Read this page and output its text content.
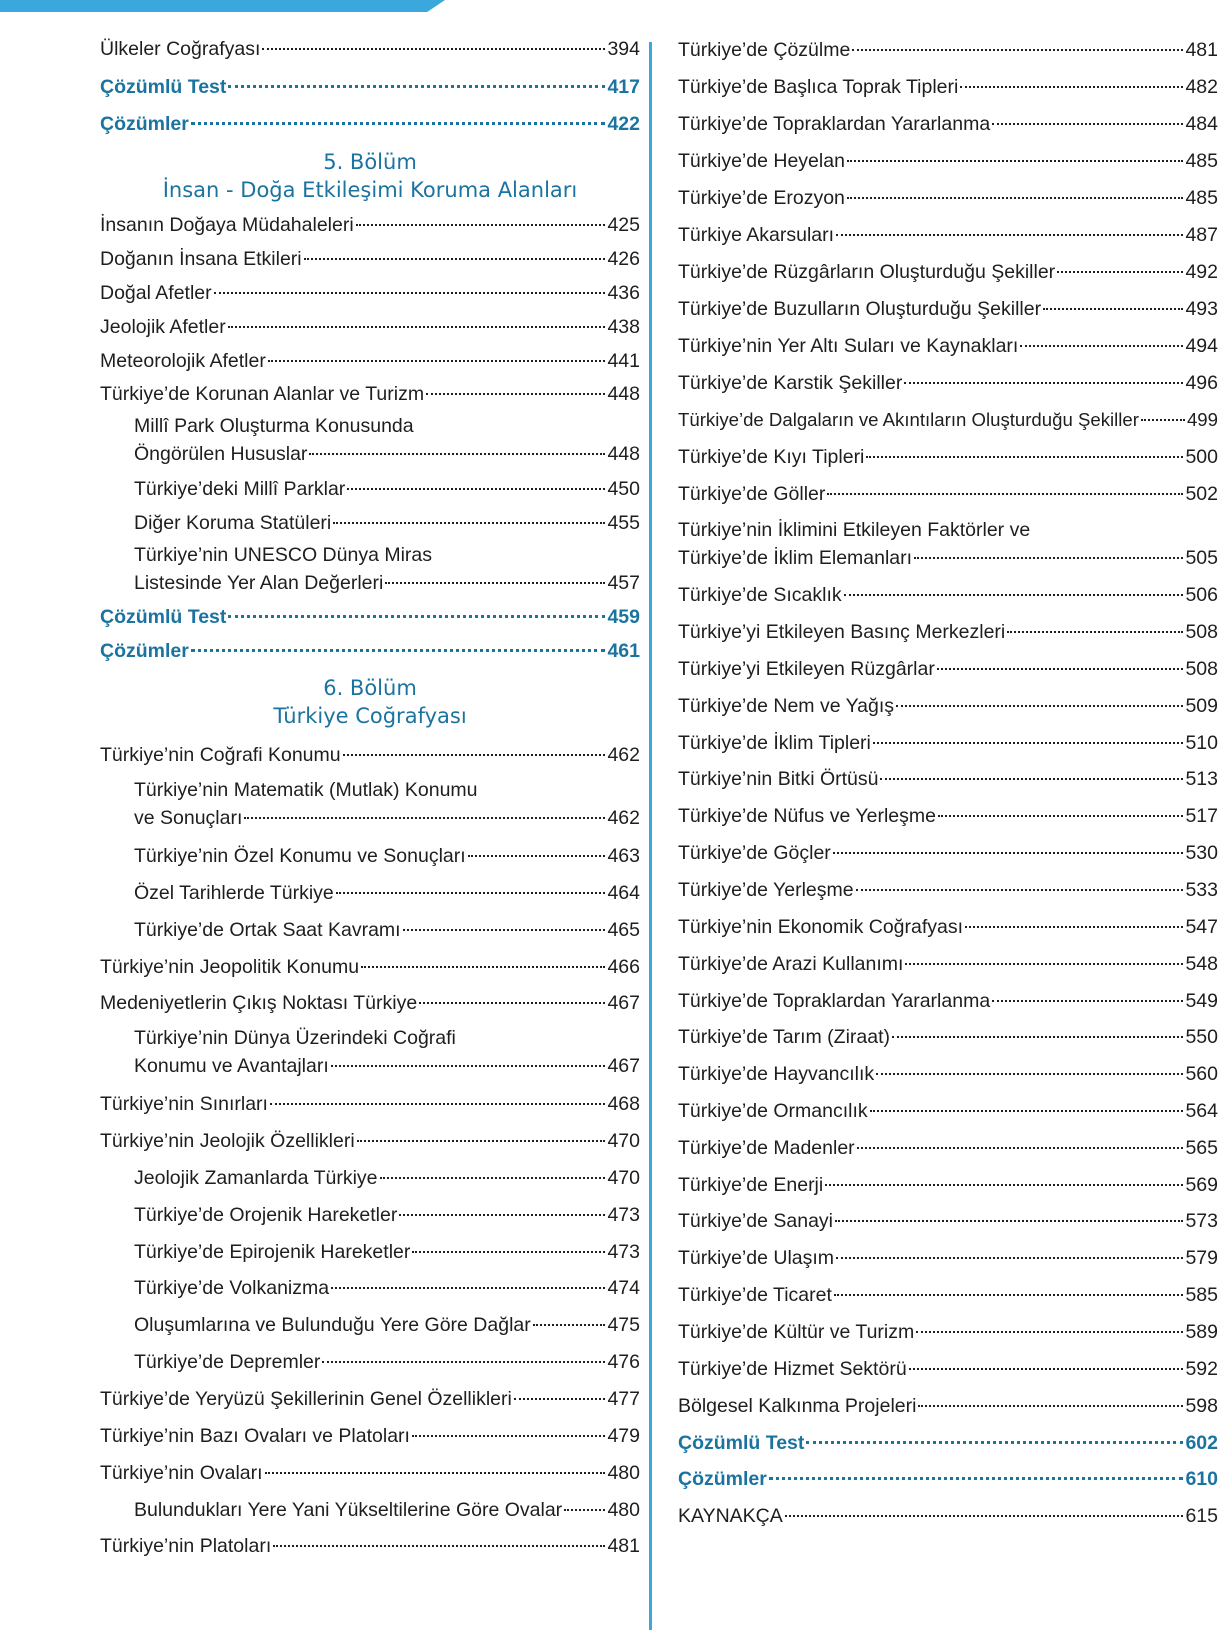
Ülkeler Coğrafyası	394
Çözümlü Test	417
Çözümler	422
5. Bölüm
İnsan - Doğa Etkileşimi Koruma Alanları
İnsanın Doğaya Müdahaleleri	425
Doğanın İnsana Etkileri	426
Doğal Afetler	436
Jeolojik Afetler	438
Meteorolojik Afetler	441
Türkiye’de Korunan Alanlar ve Turizm	448
Millî Park Oluşturma Konusunda
Öngörülen Hususlar	448
Türkiye’deki Millî Parklar	450
Diğer Koruma Statüleri	455
Türkiye’nin UNESCO Dünya Miras
Listesinde Yer Alan Değerleri	457
Çözümlü Test	459
Çözümler	461
6. Bölüm
Türkiye Coğrafyası
Türkiye’nin Coğrafi Konumu	462
Türkiye’nin Matematik (Mutlak) Konumu
ve Sonuçları	462
Türkiye’nin Özel Konumu ve Sonuçları	463
Özel Tarihlerde Türkiye	464
Türkiye’de Ortak Saat Kavramı	465
Türkiye’nin Jeopolitik Konumu	466
Medeniyetlerin Çıkış Noktası Türkiye	467
Türkiye’nin Dünya Üzerindeki Coğrafi
Konumu ve Avantajları	467
Türkiye’nin Sınırları	468
Türkiye’nin Jeolojik Özellikleri	470
Jeolojik Zamanlarda Türkiye	470
Türkiye’de Orojenik Hareketler	473
Türkiye’de Epirojenik Hareketler	473
Türkiye’de Volkanizma	474
Oluşumlarına ve Bulunduğu Yere Göre Dağlar	475
Türkiye’de Depremler	476
Türkiye’de Yeryüzü Şekillerinin Genel Özellikleri	477
Türkiye’nin Bazı Ovaları ve Platoları	479
Türkiye’nin Ovaları	480
Bulundukları Yere Yani Yükseltilerine Göre Ovalar 480
Türkiye’nin Platoları	481
Türkiye’de Çözülme	481
Türkiye’de Başlıca Toprak Tipleri	482
Türkiye’de Topraklardan Yararlanma	484
Türkiye’de Heyelan	485
Türkiye’de Erozyon	485
Türkiye Akarsuları	487
Türkiye’de Rüzgârların Oluşturduğu Şekiller	492
Türkiye’de Buzulların Oluşturduğu Şekiller	493
Türkiye’nin Yer Altı Suları ve Kaynakları	494
Türkiye’de Karstik Şekiller	496
Türkiye’de Dalgaların ve Akıntıların Oluşturduğu Şekiller	499
Türkiye’de Kıyı Tipleri	500
Türkiye’de Göller	502
Türkiye’nin İklimini Etkileyen Faktörler ve
Türkiye’de İklim Elemanları	505
Türkiye’de Sıcaklık	506
Türkiye’yi Etkileyen Basınç Merkezleri	508
Türkiye’yi Etkileyen Rüzgârlar	508
Türkiye’de Nem ve Yağış	509
Türkiye’de İklim Tipleri	510
Türkiye’nin Bitki Örtüsü	513
Türkiye’de Nüfus ve Yerleşme	517
Türkiye’de Göçler	530
Türkiye’de Yerleşme	533
Türkiye’nin Ekonomik Coğrafyası	547
Türkiye’de Arazi Kullanımı	548
Türkiye’de Topraklardan Yararlanma	549
Türkiye’de Tarım (Ziraat)	550
Türkiye’de Hayvancılık	560
Türkiye’de Ormancılık	564
Türkiye’de Madenler	565
Türkiye’de Enerji	569
Türkiye’de Sanayi	573
Türkiye’de Ulaşım	579
Türkiye’de Ticaret	585
Türkiye’de Kültür ve Turizm	589
Türkiye’de Hizmet Sektörü	592
Bölgesel Kalkınma Projeleri	598
Çözümlü Test	602
Çözümler	610
KAYNAKÇA	615
